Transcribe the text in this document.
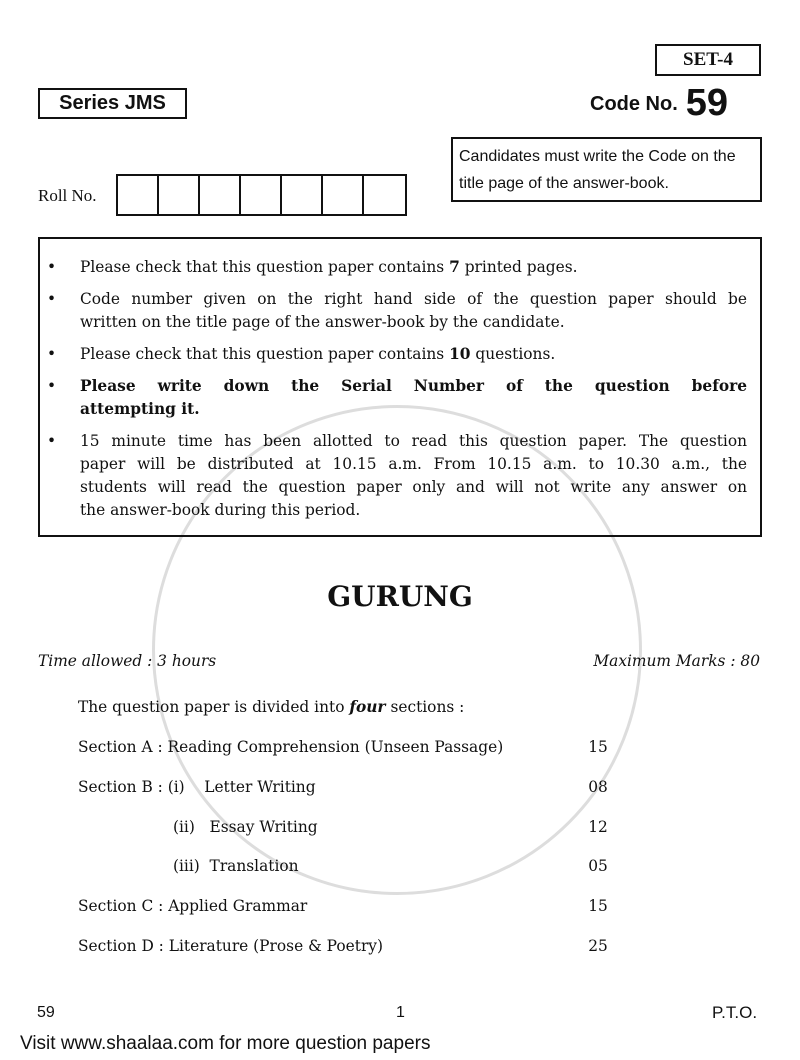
SET-4
Series JMS	Code No. 59
Candidates must write the Code on the
title page of the answer-book.
Roll No.
•	Please check that this question paper contains 7 printed pages.
•	Code number given on the right hand side of the question paper should be
written on the title page of the answer-book by the candidate.
•	Please check that this question paper contains 10 questions.
•	Please write down the Serial Number of the question before
attempting it.
•	15 minute time has been allotted to read this question paper. The question
paper will be distributed at 10.15 a.m. From 10.15 a.m. to 10.30 a.m., the
students will read the question paper only and will not write any answer on
the answer-book during this period.
GURUNG
Time allowed : 3 hours	Maximum Marks : 80
The question paper is divided into four sections :
Section A : Reading Comprehension (Unseen Passage)	15
Section B : (i)    Letter Writing	08
(ii)   Essay Writing	12
(iii)  Translation	05
Section C : Applied Grammar	15
Section D : Literature (Prose & Poetry)	25
59	1	P.T.O.
Visit www.shaalaa.com for more question papers
